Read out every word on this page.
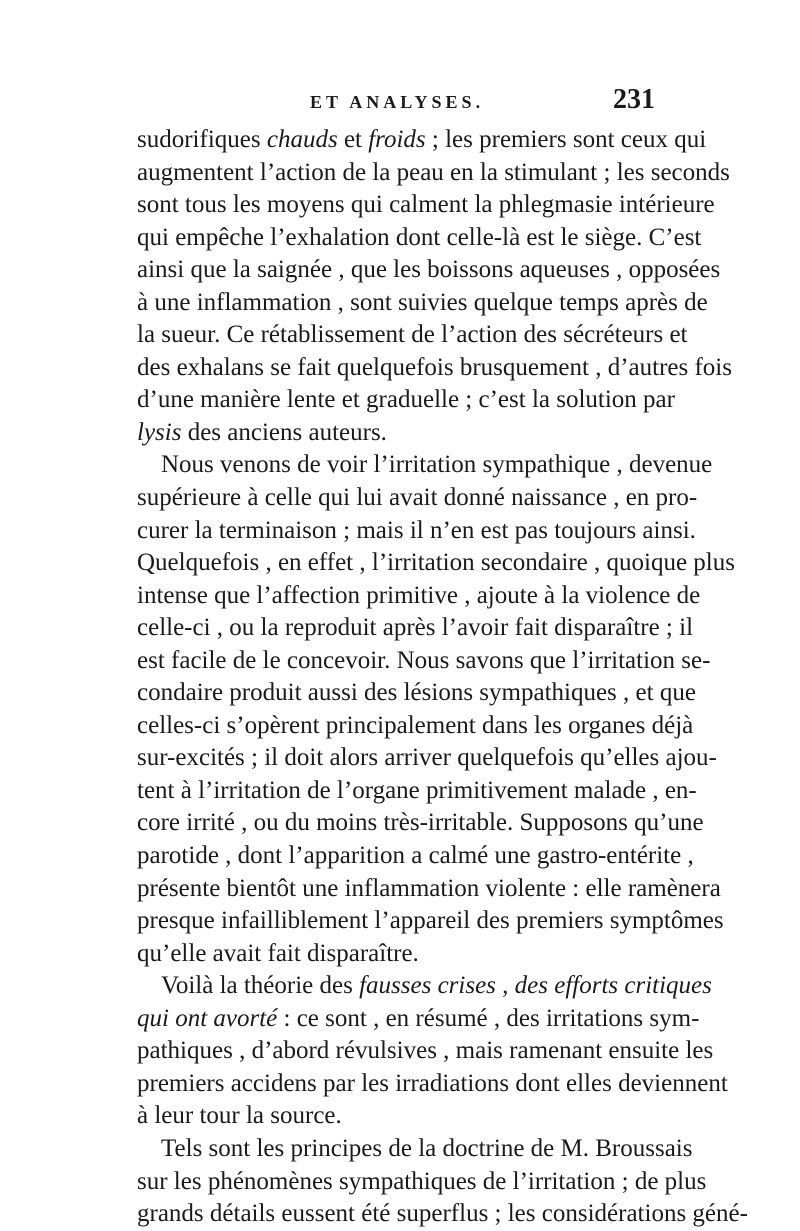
ET ANALYSES.	231
sudorifiques chauds et froids ; les premiers sont ceux qui
augmentent l’action de la peau en la stimulant ; les seconds
sont tous les moyens qui calment la phlegmasie intérieure
qui empêche l’exhalation dont celle-là est le siège. C’est
ainsi que la saignée , que les boissons aqueuses , opposées
à une inflammation , sont suivies quelque temps après de
la sueur. Ce rétablissement de l’action des sécréteurs et
des exhalans se fait quelquefois brusquement , d’autres fois
d’une manière lente et graduelle ; c’est la solution par
lysis des anciens auteurs.
Nous venons de voir l’irritation sympathique , devenue
supérieure à celle qui lui avait donné naissance , en pro-
curer la terminaison ; mais il n’en est pas toujours ainsi.
Quelquefois , en effet , l’irritation secondaire , quoique plus
intense que l’affection primitive , ajoute à la violence de
celle-ci , ou la reproduit après l’avoir fait disparaître ; il
est facile de le concevoir. Nous savons que l’irritation se-
condaire produit aussi des lésions sympathiques , et que
celles-ci s’opèrent principalement dans les organes déjà
sur-excités ; il doit alors arriver quelquefois qu’elles ajou-
tent à l’irritation de l’organe primitivement malade , en-
core irrité , ou du moins très-irritable. Supposons qu’une
parotide , dont l’apparition a calmé une gastro-entérite ,
présente bientôt une inflammation violente : elle ramènera
presque infailliblement l’appareil des premiers symptômes
qu’elle avait fait disparaître.
Voilà la théorie des fausses crises , des efforts critiques
qui ont avorté : ce sont , en résumé , des irritations sym-
pathiques , d’abord révulsives , mais ramenant ensuite les
premiers accidens par les irradiations dont elles deviennent
à leur tour la source.
Tels sont les principes de la doctrine de M. Broussais
sur les phénomènes sympathiques de l’irritation ; de plus
grands détails eussent été superflus ; les considérations géné-
